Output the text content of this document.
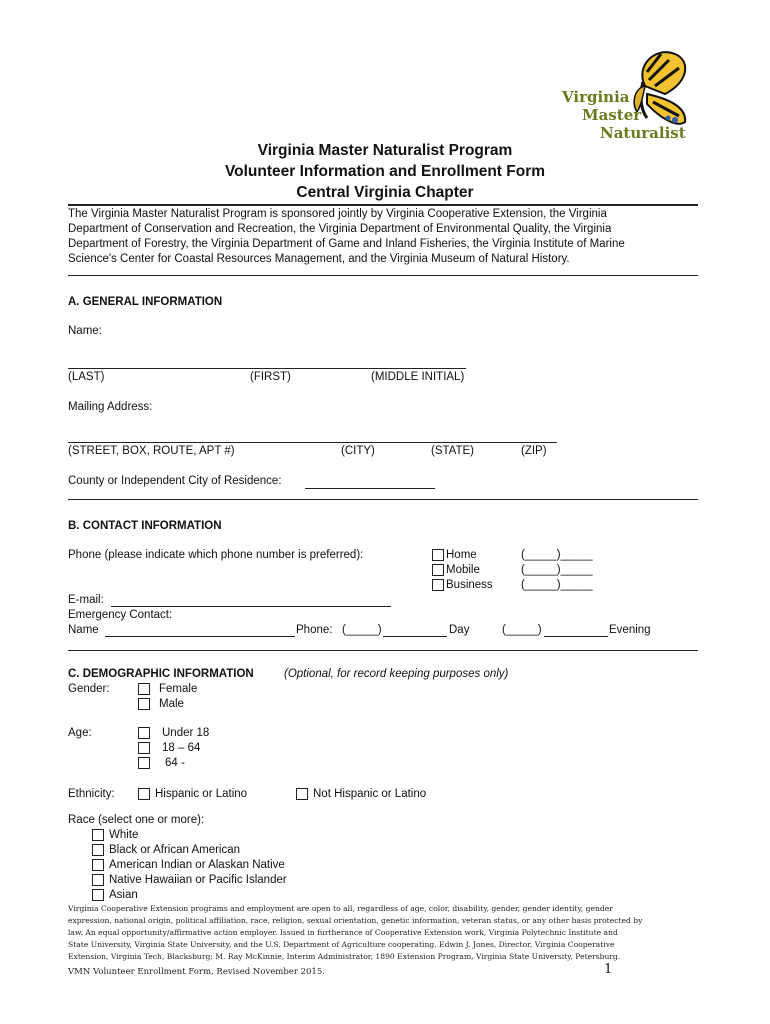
Virginia
Master
Naturalist
Virginia Master Naturalist Program
Volunteer Information and Enrollment Form
Central Virginia Chapter
The Virginia Master Naturalist Program is sponsored jointly by Virginia Cooperative Extension, the Virginia
Department of Conservation and Recreation, the Virginia Department of Environmental Quality, the Virginia
Department of Forestry, the Virginia Department of Game and Inland Fisheries, the Virginia Institute of Marine
Science's Center for Coastal Resources Management, and the Virginia Museum of Natural History.
A. GENERAL INFORMATION
Name:
(LAST)	(FIRST)	(MIDDLE INITIAL)
Mailing Address:
(STREET, BOX, ROUTE, APT #)	(CITY)	(STATE)	(ZIP)
County or Independent City of Residence:
B. CONTACT INFORMATION
Phone (please indicate which phone number is preferred):	Home	(_____)_____
Mobile	(_____)_____
Business (_____)_____
E-mail:
Emergency Contact:
Name	Phone: (_____)	Day	(_____)	Evening
C. DEMOGRAPHIC INFORMATION	(Optional, for record keeping purposes only)
Gender:	Female
Male
Age:	Under 18
18 – 64
64 -
Ethnicity:	Hispanic or Latino	Not Hispanic or Latino
Race (select one or more):
White
Black or African American
American Indian or Alaskan Native
Native Hawaiian or Pacific Islander
Asian
Virginia Cooperative Extension programs and employment are open to all, regardless of age, color, disability, gender, gender identity, gender
expression, national origin, political affiliation, race, religion, sexual orientation, genetic information, veteran status, or any other basis protected by
law. An equal opportunity/affirmative action employer. Issued in furtherance of Cooperative Extension work, Virginia Polytechnic Institute and
State University, Virginia State University, and the U.S. Department of Agriculture cooperating. Edwin J. Jones, Director, Virginia Cooperative
Extension, Virginia Tech, Blacksburg; M. Ray McKinnie, Interim Administrator, 1890 Extension Program, Virginia State University, Petersburg.
VMN Volunteer Enrollment Form, Revised November 2015.	1
